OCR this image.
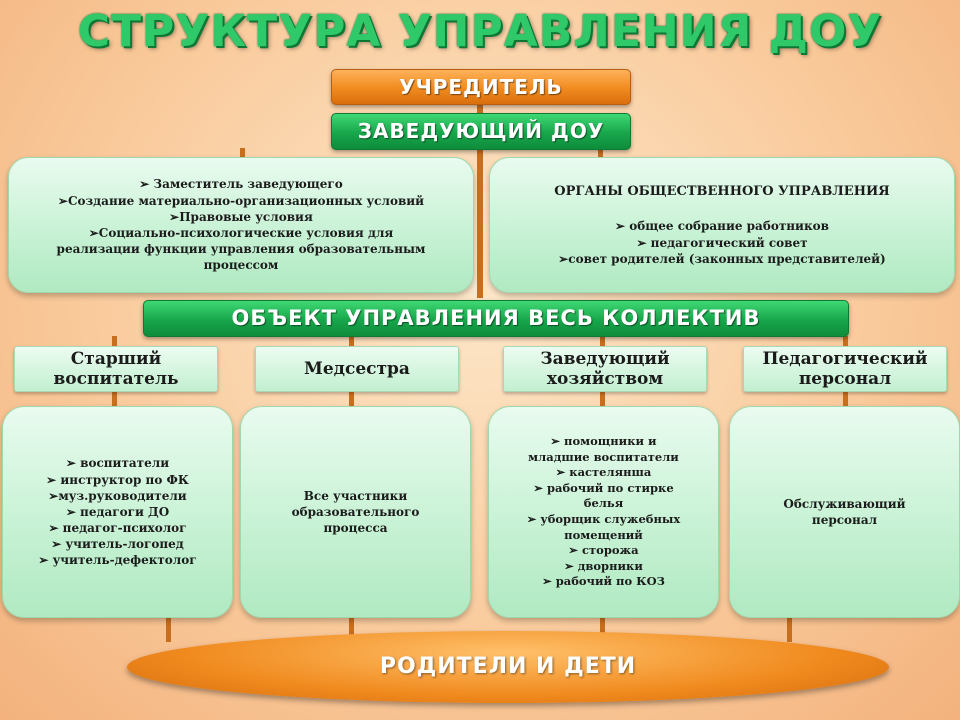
СТРУКТУРА УПРАВЛЕНИЯ ДОУ
УЧРЕДИТЕЛЬ
ЗАВЕДУЮЩИЙ ДОУ
➢ Заместитель заведующего
➢Создание материально-организационных условий
➢Правовые условия
➢Социально-психологические условия для
реализации функции управления образовательным
процессом
ОРГАНЫ ОБЩЕСТВЕННОГО УПРАВЛЕНИЯ
➢ общее собрание работников
➢ педагогический совет
➢совет родителей (законных представителей)
ОБЪЕКТ УПРАВЛЕНИЯ ВЕСЬ КОЛЛЕКТИВ
Старший
воспитатель	Медсестра	Заведующий
хозяйством
Педагогический
персонал
➢ воспитатели
➢ инструктор по ФК
➢муз.руководители
➢ педагоги ДО
➢ педагог-психолог
➢ учитель-логопед
➢ учитель-дефектолог
Все участники
образовательного
процесса
➢ помощники и
младшие воспитатели
➢ кастелянша
➢ рабочий по стирке
белья
➢ уборщик служебных
помещений
➢ сторожа
➢ дворники
➢ рабочий по КОЗ
Обслуживающий
персонал
РОДИТЕЛИ И ДЕТИ
